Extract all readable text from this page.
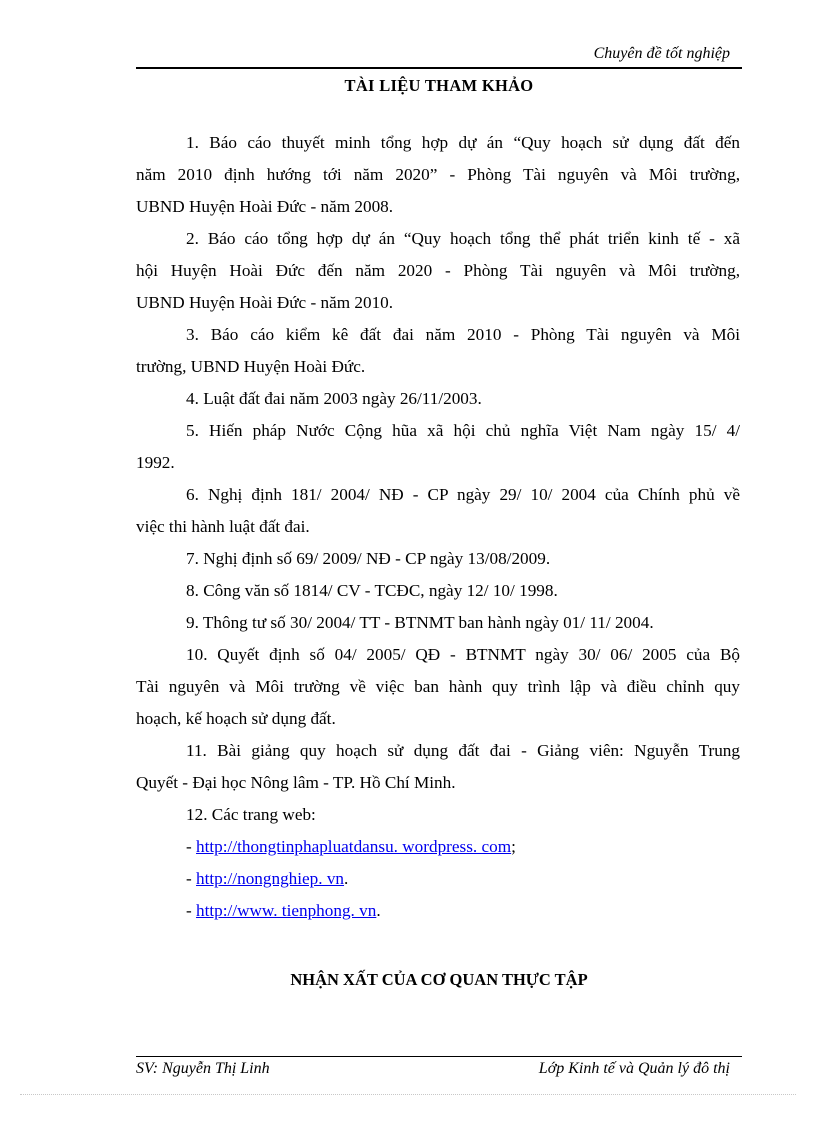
Chuyên đề tốt nghiệp
TÀI LIỆU THAM KHẢO
1. Báo cáo thuyết minh tổng hợp dự án “Quy hoạch sử dụng đất đến
năm 2010 định hướng tới năm 2020” - Phòng Tài nguyên và Môi trường,
UBND Huyện Hoài Đức - năm 2008.
2. Báo cáo tổng hợp dự án “Quy hoạch tổng thể phát triển kinh tế - xã
hội Huyện Hoài Đức đến năm 2020 - Phòng Tài nguyên và Môi trường,
UBND Huyện Hoài Đức - năm 2010.
3. Báo cáo kiểm kê đất đai năm 2010 - Phòng Tài nguyên và Môi
trường, UBND Huyện Hoài Đức.
4. Luật đất đai năm 2003 ngày 26/11/2003.
5. Hiến pháp Nước Cộng hũa xã hội chủ nghĩa Việt Nam ngày 15/ 4/
1992.
6. Nghị định 181/ 2004/ NĐ - CP ngày 29/ 10/ 2004 của Chính phủ về
việc thi hành luật đất đai.
7. Nghị định số 69/ 2009/ NĐ - CP ngày 13/08/2009.
8. Công văn số 1814/ CV - TCĐC, ngày 12/ 10/ 1998.
9. Thông tư số 30/ 2004/ TT - BTNMT ban hành ngày 01/ 11/ 2004.
10. Quyết định số 04/ 2005/ QĐ - BTNMT ngày 30/ 06/ 2005 của Bộ
Tài nguyên và Môi trường về việc ban hành quy trình lập và điều chỉnh quy
hoạch, kế hoạch sử dụng đất.
11. Bài giảng quy hoạch sử dụng đất đai - Giảng viên: Nguyễn Trung
Quyết - Đại học Nông lâm - TP. Hồ Chí Minh.
12. Các trang web:
- http://thongtinphapluatdansu. wordpress. com;
- http://nongnghiep. vn.
- http://www. tienphong. vn.
NHẬN XẤT CỦA CƠ QUAN THỰC TẬP
SV: Nguyễn Thị Linh	Lớp Kinh tế và Quản lý đô thị
